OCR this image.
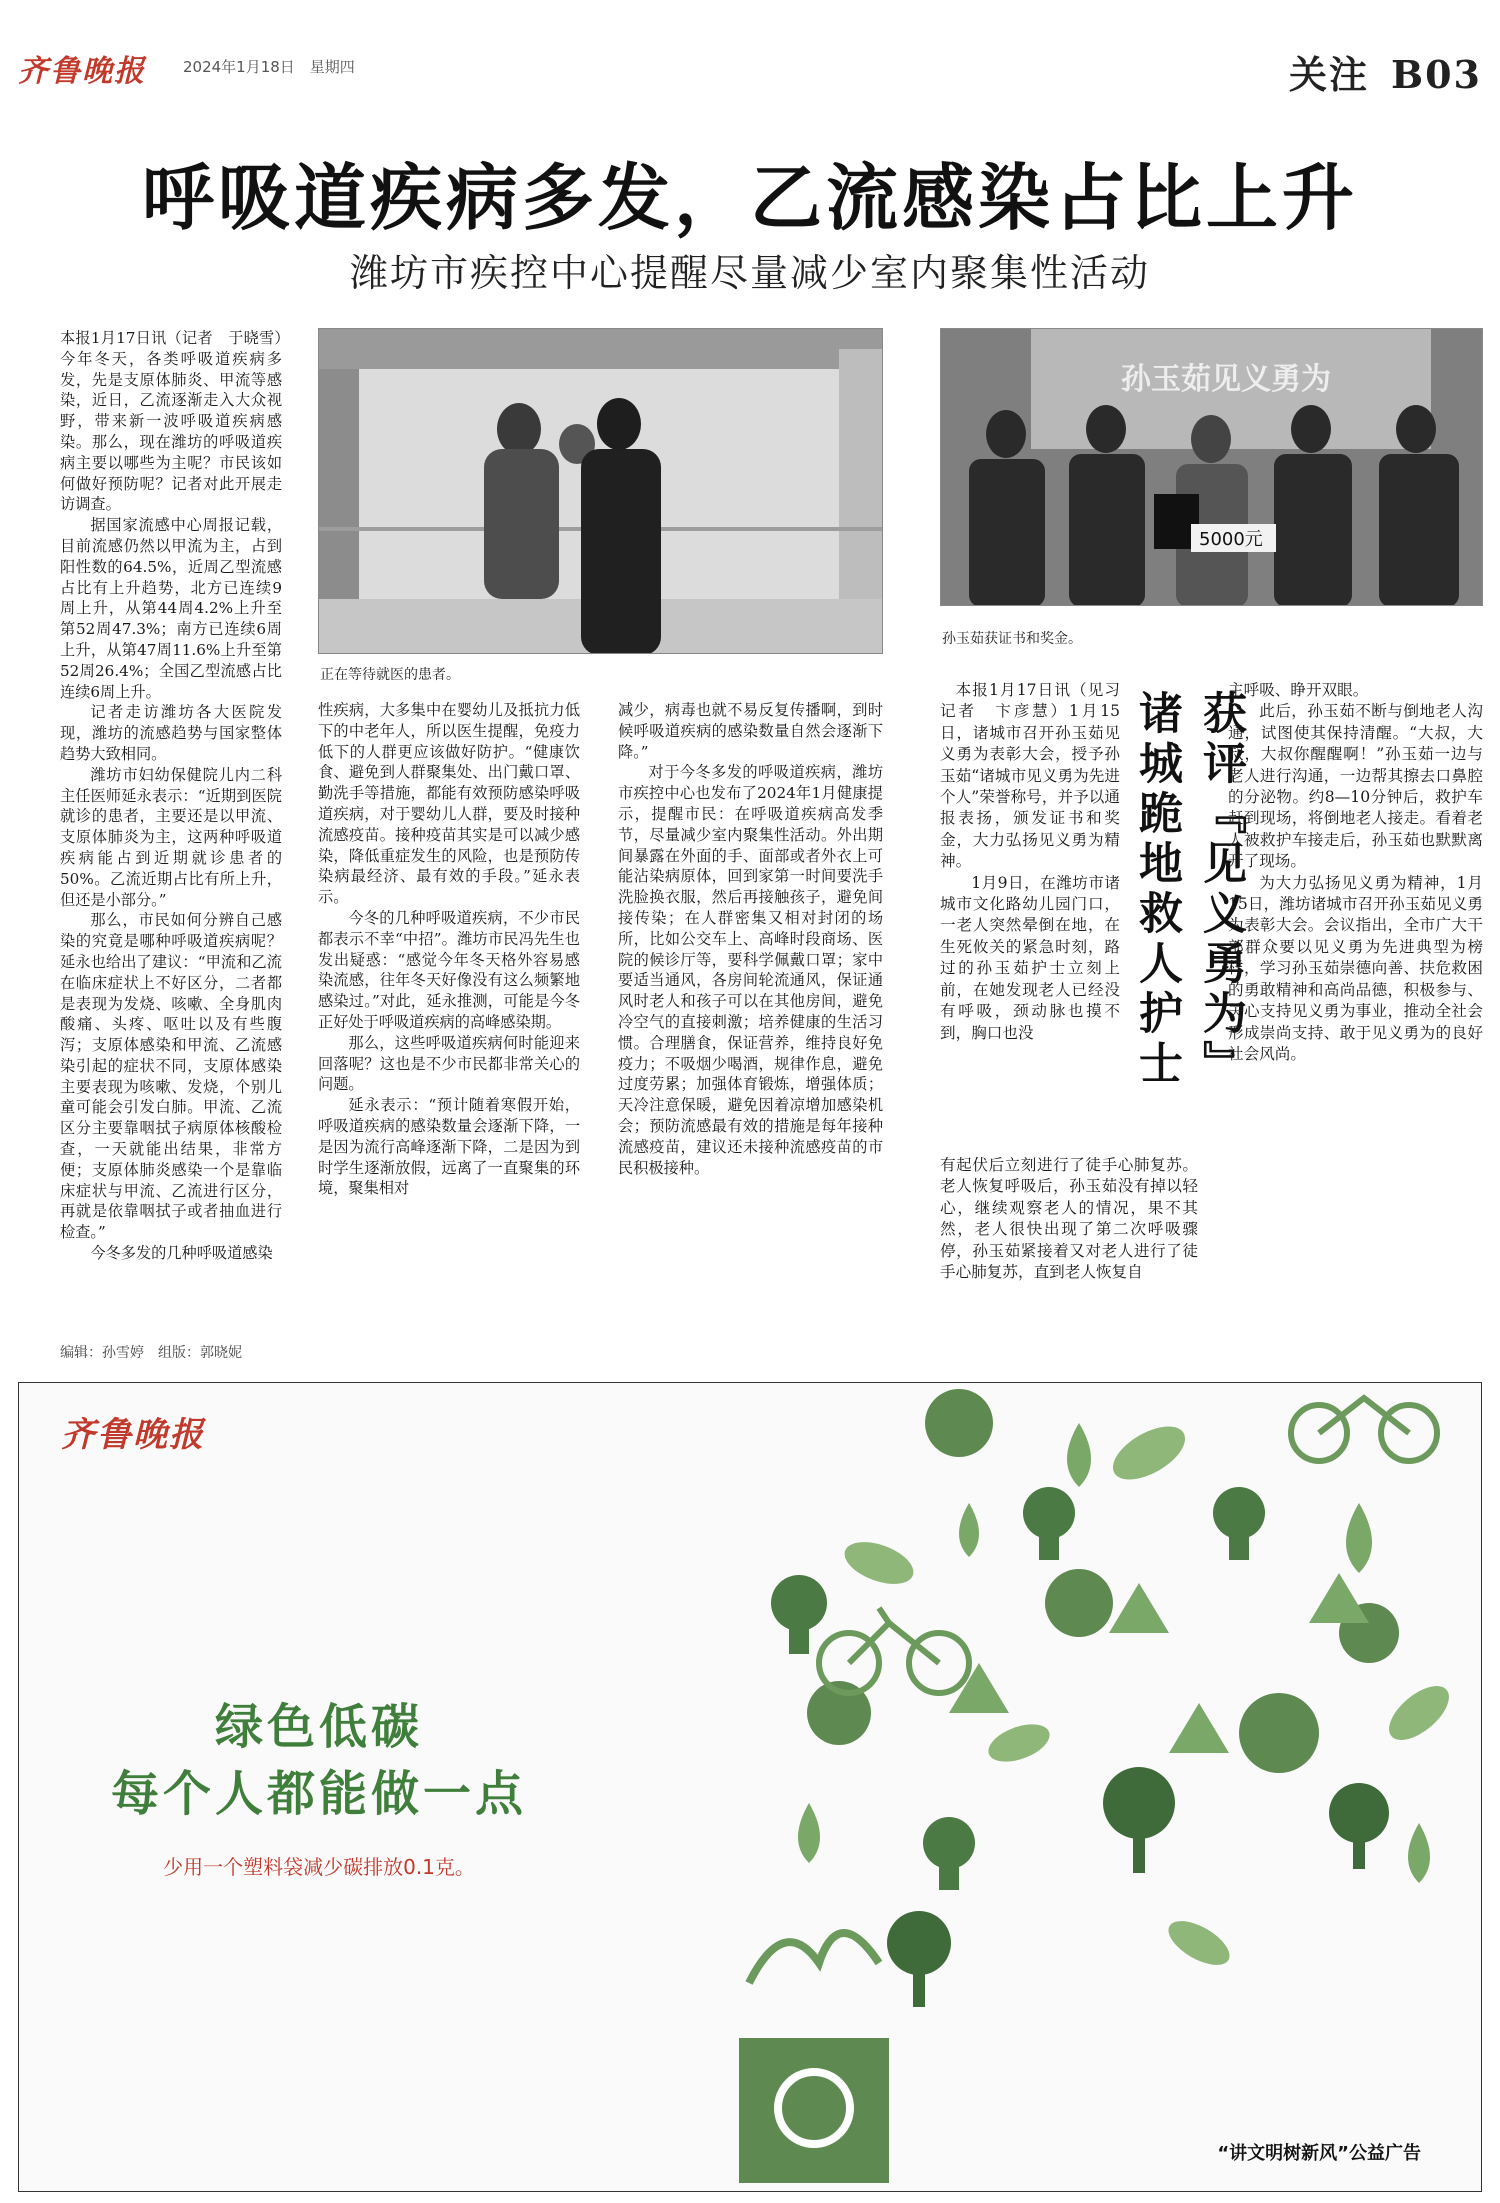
齐鲁晚报 2024年1月18日　星期四	关注 B03
呼吸道疾病多发，乙流感染占比上升
潍坊市疾控中心提醒尽量减少室内聚集性活动

本报1月17日讯（记者　于晓雪）今年冬天，各类呼吸道疾病多发，先是支原体肺炎、甲流等感染，近日，乙流逐渐走入大众视野，带来新一波呼吸道疾病感染。那么，现在潍坊的呼吸道疾病主要以哪些为主呢？市民该如何做好预防呢？记者对此开展走访调查。

据国家流感中心周报记载，目前流感仍然以甲流为主，占到阳性数的64.5%，近周乙型流感占比有上升趋势，北方已连续9周上升，从第44周4.2%上升至第52周47.3%；南方已连续6周上升，从第47周11.6%上升至第52周26.4%；全国乙型流感占比连续6周上升。

记者走访潍坊各大医院发现，潍坊的流感趋势与国家整体趋势大致相同。

潍坊市妇幼保健院儿内二科主任医师延永表示：“近期到医院就诊的患者，主要还是以甲流、支原体肺炎为主，这两种呼吸道疾病能占到近期就诊患者的50%。乙流近期占比有所上升，但还是小部分。”

那么，市民如何分辨自己感染的究竟是哪种呼吸道疾病呢？延永也给出了建议：“甲流和乙流在临床症状上不好区分，二者都是表现为发烧、咳嗽、全身肌肉酸痛、头疼、呕吐以及有些腹泻；支原体感染和甲流、乙流感染引起的症状不同，支原体感染主要表现为咳嗽、发烧，个别儿童可能会引发白肺。甲流、乙流区分主要靠咽拭子病原体核酸检查，一天就能出结果，非常方便；支原体肺炎感染一个是靠临床症状与甲流、乙流进行区分，再就是依靠咽拭子或者抽血进行检查。”

今冬多发的几种呼吸道感染

正在等待就医的患者。

性疾病，大多集中在婴幼儿及抵抗力低下的中老年人，所以医生提醒，免疫力低下的人群更应该做好防护。“健康饮食、避免到人群聚集处、出门戴口罩、勤洗手等措施，都能有效预防感染呼吸道疾病，对于婴幼儿人群，要及时接种流感疫苗。接种疫苗其实是可以减少感染，降低重症发生的风险，也是预防传染病最经济、最有效的手段。”延永表示。

今冬的几种呼吸道疾病，不少市民都表示不幸“中招”。潍坊市民冯先生也发出疑惑：“感觉今年冬天格外容易感染流感，往年冬天好像没有这么频繁地感染过。”对此，延永推测，可能是今冬正好处于呼吸道疾病的高峰感染期。

那么，这些呼吸道疾病何时能迎来回落呢？这也是不少市民都非常关心的问题。

延永表示：“预计随着寒假开始，呼吸道疾病的感染数量会逐渐下降，一是因为流行高峰逐渐下降，二是因为到时学生逐渐放假，远离了一直聚集的环境，聚集相对

减少，病毒也就不易反复传播啊，到时候呼吸道疾病的感染数量自然会逐渐下降。”

对于今冬多发的呼吸道疾病，潍坊市疾控中心也发布了2024年1月健康提示，提醒市民：在呼吸道疾病高发季节，尽量减少室内聚集性活动。外出期间暴露在外面的手、面部或者外衣上可能沾染病原体，回到家第一时间要洗手洗脸换衣服，然后再接触孩子，避免间接传染；在人群密集又相对封闭的场所，比如公交车上、高峰时段商场、医院的候诊厅等，要科学佩戴口罩；家中要适当通风，各房间轮流通风，保证通风时老人和孩子可以在其他房间，避免冷空气的直接刺激；培养健康的生活习惯。合理膳食，保证营养，维持良好免疫力；不吸烟少喝酒，规律作息，避免过度劳累；加强体育锻炼，增强体质；天冷注意保暖，避免因着凉增加感染机会；预防流感最有效的措施是每年接种流感疫苗，建议还未接种流感疫苗的市民积极接种。

孙玉茹见义勇为
5000元
孙玉茹获证书和奖金。

本报1月17日讯（见习记者　卞彦慧）1月15日，诸城市召开孙玉茹见义勇为表彰大会，授予孙玉茹“诸城市见义勇为先进个人”荣誉称号，并予以通报表扬，颁发证书和奖金，大力弘扬见义勇为精神。

1月9日，在潍坊市诸城市文化路幼儿园门口，一老人突然晕倒在地，在生死攸关的紧急时刻，路过的孙玉茹护士立刻上前，在她发现老人已经没有呼吸，颈动脉也摸不到，胸口也没	获评『见义勇为』 诸城跪地救人护士

有起伏后立刻进行了徒手心肺复苏。老人恢复呼吸后，孙玉茹没有掉以轻心，继续观察老人的情况，果不其然，老人很快出现了第二次呼吸骤停，孙玉茹紧接着又对老人进行了徒手心肺复苏，直到老人恢复自

主呼吸、睁开双眼。

此后，孙玉茹不断与倒地老人沟通，试图使其保持清醒。“大叔，大叔，大叔你醒醒啊！”孙玉茹一边与老人进行沟通，一边帮其擦去口鼻腔的分泌物。约8—10分钟后，救护车赶到现场，将倒地老人接走。看着老人被救护车接走后，孙玉茹也默默离开了现场。

为大力弘扬见义勇为精神，1月15日，潍坊诸城市召开孙玉茹见义勇为表彰大会。会议指出，全市广大干部群众要以见义勇为先进典型为榜样，学习孙玉茹崇德向善、扶危救困的勇敢精神和高尚品德，积极参与、关心支持见义勇为事业，推动全社会形成崇尚支持、敢于见义勇为的良好社会风尚。

编辑：孙雪婷　组版：郭晓妮
齐鲁晚报
绿色低碳
每个人都能做一点
少用一个塑料袋减少碳排放0.1克。
“讲文明树新风”公益广告
